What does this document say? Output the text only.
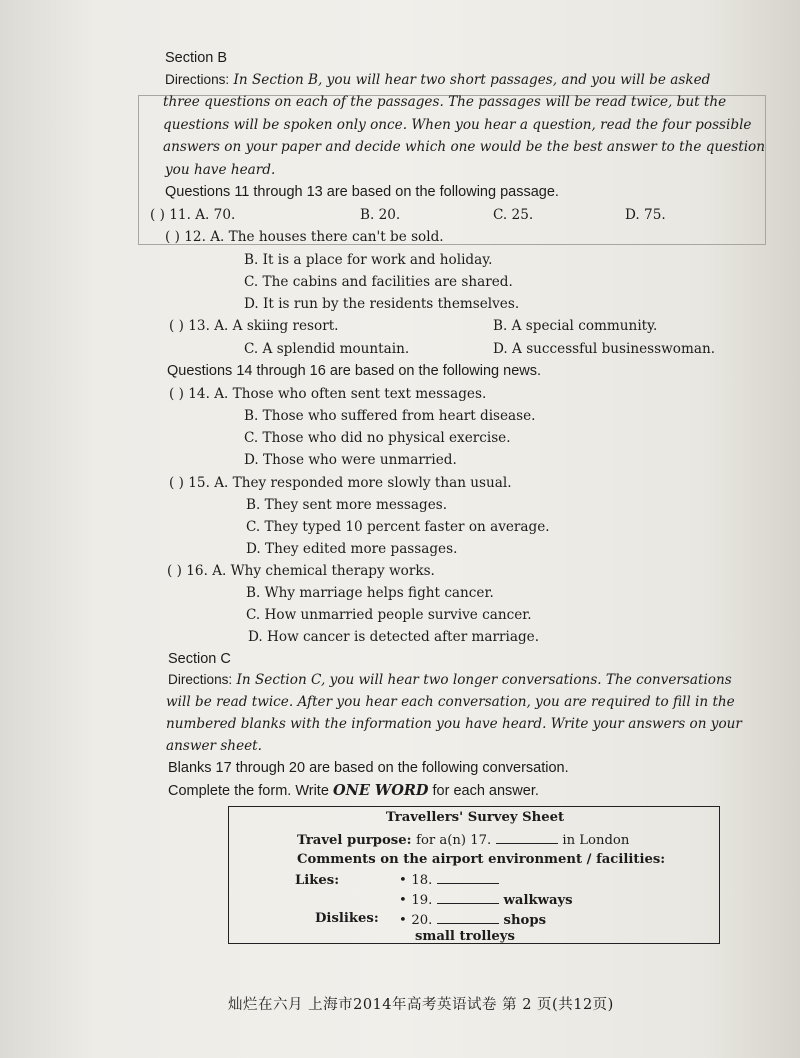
Section B
Directions: In Section B, you will hear two short passages, and you will be asked
three questions on each of the passages. The passages will be read twice, but the
questions will be spoken only once. When you hear a question, read the four possible
answers on your paper and decide which one would be the best answer to the question
you have heard.
Questions 11 through 13 are based on the following passage.
( ) 11. A. 70.	B. 20.	C. 25.	D. 75.
( ) 12. A. The houses there can't be sold.
B. It is a place for work and holiday.
C. The cabins and facilities are shared.
D. It is run by the residents themselves.
( ) 13. A. A skiing resort.	B. A special community.
C. A splendid mountain.	D. A successful businesswoman.
Questions 14 through 16 are based on the following news.
( ) 14. A. Those who often sent text messages.
B. Those who suffered from heart disease.
C. Those who did no physical exercise.
D. Those who were unmarried.
( ) 15. A. They responded more slowly than usual.
B. They sent more messages.
C. They typed 10 percent faster on average.
D. They edited more passages.
( ) 16. A. Why chemical therapy works.
B. Why marriage helps fight cancer.
C. How unmarried people survive cancer.
D. How cancer is detected after marriage.
Section C
Directions: In Section C, you will hear two longer conversations. The conversations
will be read twice. After you hear each conversation, you are required to fill in the
numbered blanks with the information you have heard. Write your answers on your
answer sheet.
Blanks 17 through 20 are based on the following conversation.
Complete the form. Write ONE WORD for each answer.
Travellers' Survey Sheet
Travel purpose: for a(n) 17.	in London
Comments on the airport environment / facilities:
Likes:	• 18.
• 19.	walkways
Dislikes: • 20.	shops
small trolleys
灿烂在六月 上海市2014年高考英语试卷 第 2 页(共12页)
